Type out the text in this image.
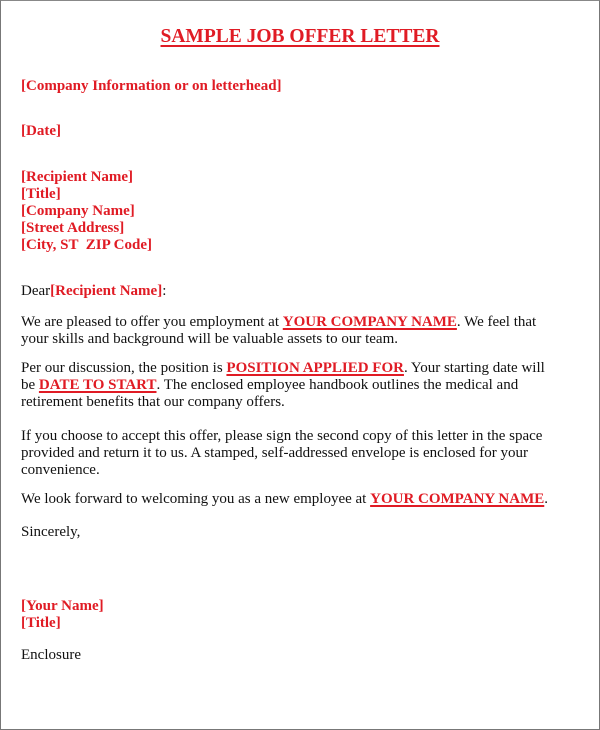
SAMPLE JOB OFFER LETTER
[Company Information or on letterhead]
[Date]
[Recipient Name]
[Title]
[Company Name]
[Street Address]
[City, ST  ZIP Code]
Dear[Recipient Name]:
We are pleased to offer you employment at YOUR COMPANY NAME. We feel that
your skills and background will be valuable assets to our team.
Per our discussion, the position is POSITION APPLIED FOR. Your starting date will
be DATE TO START. The enclosed employee handbook outlines the medical and
retirement benefits that our company offers.
If you choose to accept this offer, please sign the second copy of this letter in the space
provided and return it to us. A stamped, self-addressed envelope is enclosed for your
convenience.
We look forward to welcoming you as a new employee at YOUR COMPANY NAME.
Sincerely,
[Your Name]
[Title]
Enclosure
